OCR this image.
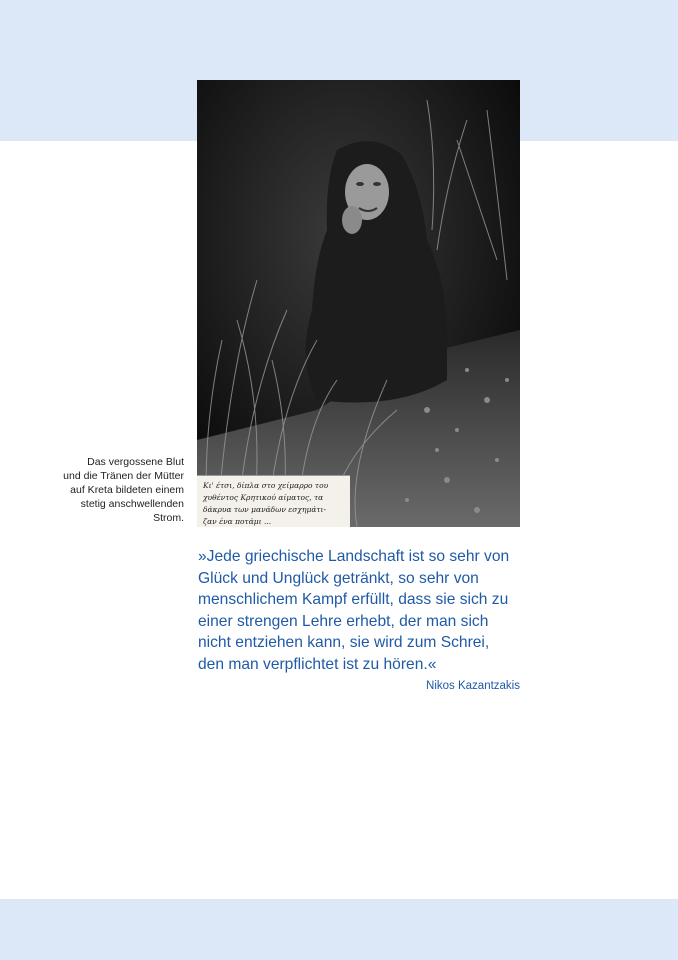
Κι' έτσι, δίπλα στο χείμαρρο του
χυθέντος Κρητικού αίματος, τα
δάκρυα των μανάδων εσχημάτι-
ζαν ένα ποτάμι ...
Das vergossene Blut
und die Tränen der Mütter
auf Kreta bildeten einem
stetig anschwellenden
Strom.
»Jede griechische Landschaft ist so sehr von
Glück und Unglück getränkt, so sehr von
menschlichem Kampf erfüllt, dass sie sich zu
einer strengen Lehre erhebt, der man sich
nicht entziehen kann, sie wird zum Schrei,
den man verpflichtet ist zu hören.«
Nikos Kazantzakis
